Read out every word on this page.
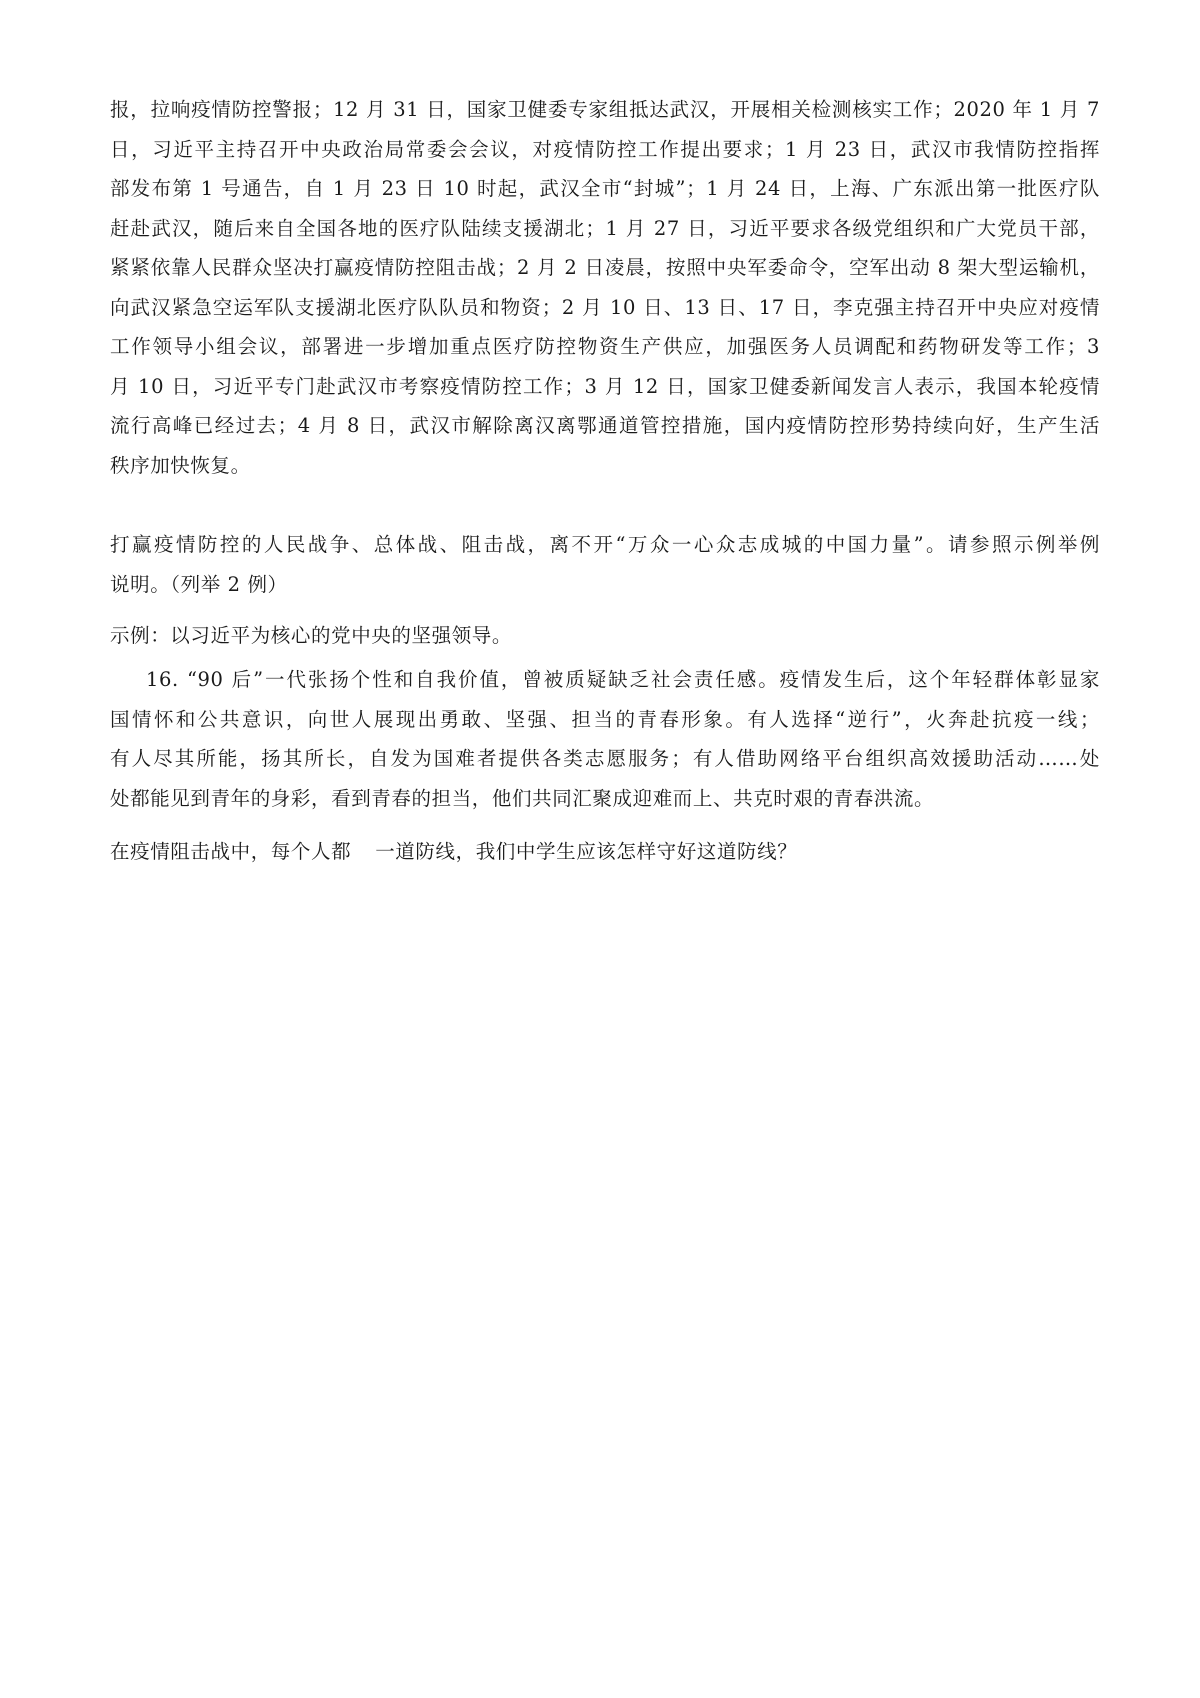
报，拉响疫情防控警报；12 月 31 日，国家卫健委专家组抵达武汉，开展相关检测核实工作；2020 年 1 月 7
日，习近平主持召开中央政治局常委会会议，对疫情防控工作提出要求；1 月 23 日，武汉市我情防控指挥
部发布第 1 号通告，自 1 月 23 日 10 时起，武汉全市“封城”；1 月 24 日，上海、广东派出第一批医疗队
赶赴武汉，随后来自全国各地的医疗队陆续支援湖北；1 月 27 日，习近平要求各级党组织和广大党员干部，
紧紧依靠人民群众坚决打赢疫情防控阻击战；2 月 2 日凌晨，按照中央军委命令，空军出动 8 架大型运输机，
向武汉紧急空运军队支援湖北医疗队队员和物资；2 月 10 日、13 日、17 日，李克强主持召开中央应对疫情
工作领导小组会议，部署进一步增加重点医疗防控物资生产供应，加强医务人员调配和药物研发等工作；3
月 10 日，习近平专门赴武汉市考察疫情防控工作；3 月 12 日，国家卫健委新闻发言人表示，我国本轮疫情
流行高峰已经过去；4 月 8 日，武汉市解除离汉离鄂通道管控措施，国内疫情防控形势持续向好，生产生活
秩序加快恢复。
打赢疫情防控的人民战争、总体战、阻击战，离不开“万众一心众志成城的中国力量”。请参照示例举例
说明。（列举 2 例）
示例：以习近平为核心的党中央的坚强领导。
16. “90 后”一代张扬个性和自我价值，曾被质疑缺乏社会责任感。疫情发生后，这个年轻群体彰显家
国情怀和公共意识，向世人展现出勇敢、坚强、担当的青春形象。有人选择“逆行”，火奔赴抗疫一线；
有人尽其所能，扬其所长，自发为国难者提供各类志愿服务；有人借助网络平台组织高效援助活动……处
处都能见到青年的身彩，看到青春的担当，他们共同汇聚成迎难而上、共克时艰的青春洪流。
在疫情阻击战中，每个人都 一道防线，我们中学生应该怎样守好这道防线？
